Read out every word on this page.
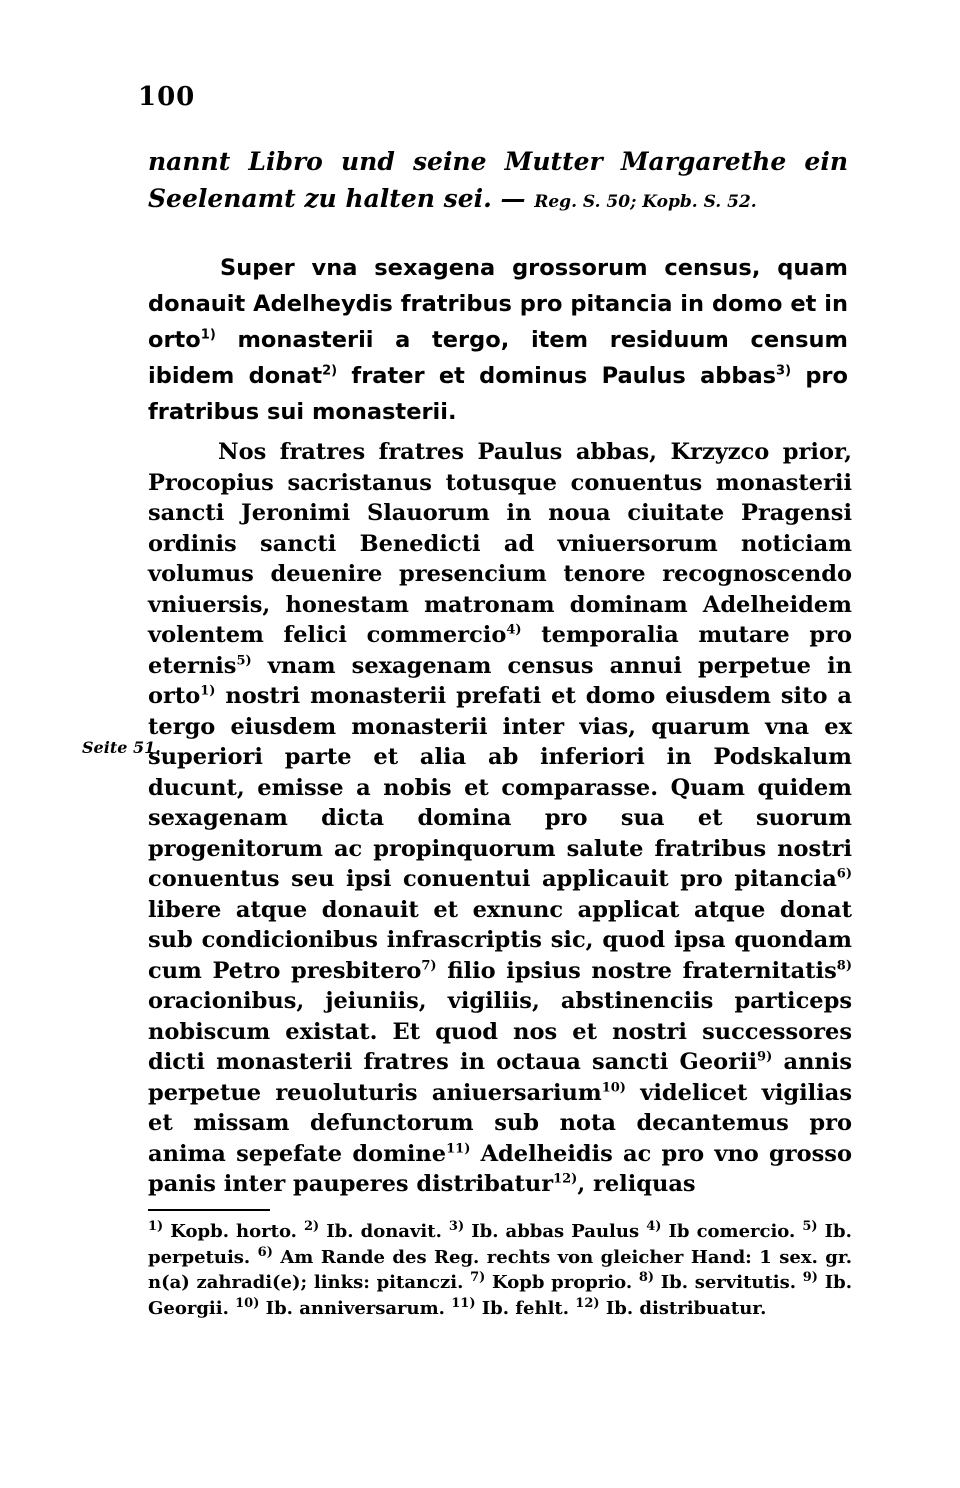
100
nannt Libro und seine Mutter Margarethe ein Seelenamt zu halten sei. — Reg. S. 50; Kopb. S. 52.
Super vna sexagena grossorum census, quam donauit Adelheydis fratribus pro pitancia in domo et in orto$^{1)}$ monasterii a tergo, item residuum censum ibidem donat$^{2)}$ frater et dominus Paulus abbas$^{3)}$ pro fratribus sui monasterii.
Nos fratres fratres Paulus abbas, Krzyzco prior, Procopius sacristanus totusque conuentus monasterii sancti Jeronimi Slauorum in noua ciuitate Pragensi ordinis sancti Benedicti ad vniuersorum noticiam volumus deuenire presencium tenore recognoscendo vniuersis, honestam matronam dominam Adelheidem volentem felici commercio$^{4)}$ temporalia mutare pro eternis$^{5)}$ vnam sexagenam census annui perpetue in orto$^{1)}$ nostri monasterii prefati et domo eiusdem sito a tergo eiusdem monasterii inter vias, quarum vna ex superiori parte et alia ab inferiori in Podskalum ducunt, emisse a nobis et comparasse. Quam quidem sexagenam dicta domina pro sua et suorum progenitorum ac propinquorum salute fratribus nostri conuentus seu ipsi conuentui applicauit pro pitancia$^{6)}$ libere atque donauit et exnunc applicat atque donat sub condicionibus infrascriptis sic, quod ipsa quondam cum Petro presbitero$^{7)}$ filio ipsius nostre fraternitatis$^{8)}$ oracionibus, jeiuniis, vigiliis, abstinenciis particeps nobiscum existat. Et quod nos et nostri successores dicti monasterii fratres in octaua sancti Georii$^{9)}$ annis perpetue reuoluturis aniuersarium$^{10)}$ videlicet vigilias et missam defunctorum sub nota decantemus pro anima sepefate domine$^{11)}$ Adelheidis ac pro vno grosso panis inter pauperes distribatur$^{12)}$, reliquas
Seite 51.
$^{1)}$ Kopb. horto. $^{2)}$ Ib. donavit. $^{3)}$ Ib. abbas Paulus $^{4)}$ Ib comercio. $^{5)}$ Ib. perpetuis. $^{6)}$ Am Rande des Reg. rechts von gleicher Hand: 1 sex. gr. n(a) zahradi(e); links: pitanczi. $^{7)}$ Kopb proprio. $^{8)}$ Ib. servitutis. $^{9)}$ Ib. Georgii. $^{10)}$ Ib. anniversarum. $^{11)}$ Ib. fehlt. $^{12)}$ Ib. distribuatur.
